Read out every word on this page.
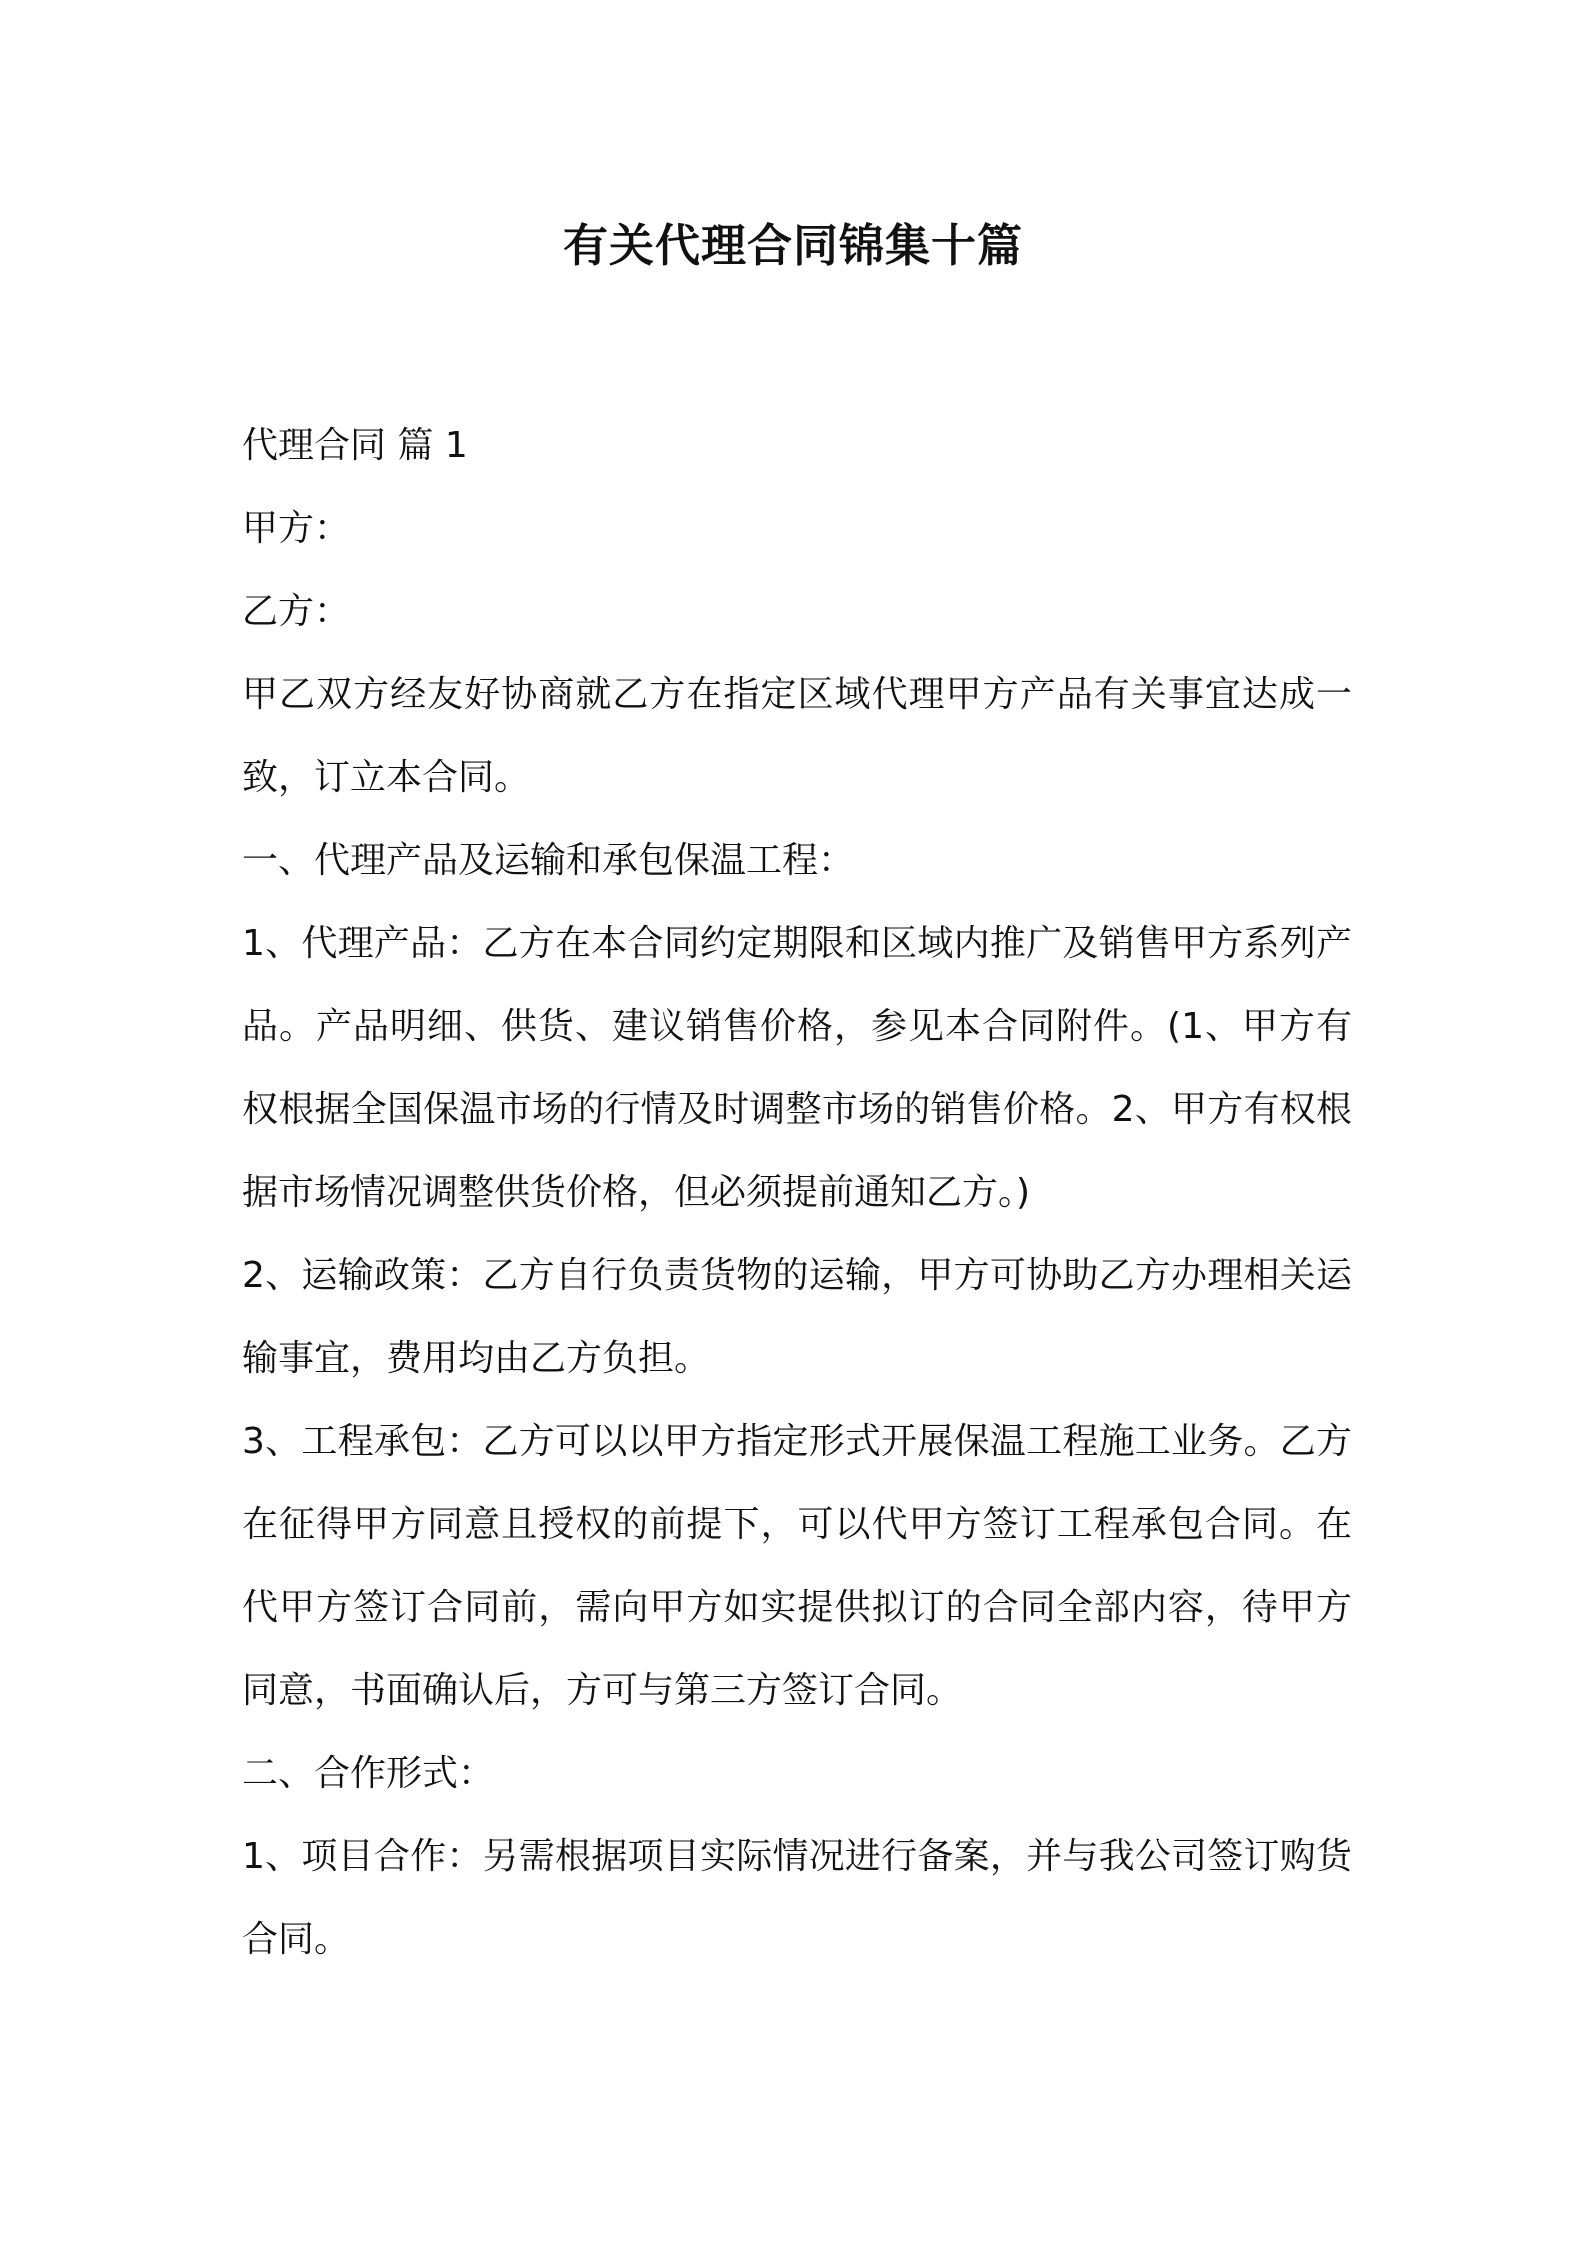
有关代理合同锦集十篇

代理合同 篇 1

甲方：

乙方：

甲乙双方经友好协商就乙方在指定区域代理甲方产品有关事宜达成一致，订立本合同。

一、代理产品及运输和承包保温工程：

1、代理产品：乙方在本合同约定期限和区域内推广及销售甲方系列产品。产品明细、供货、建议销售价格，参见本合同附件。(1、甲方有权根据全国保温市场的行情及时调整市场的销售价格。2、甲方有权根据市场情况调整供货价格，但必须提前通知乙方。)

2、运输政策：乙方自行负责货物的运输，甲方可协助乙方办理相关运输事宜，费用均由乙方负担。

3、工程承包：乙方可以以甲方指定形式开展保温工程施工业务。乙方在征得甲方同意且授权的前提下，可以代甲方签订工程承包合同。在代甲方签订合同前，需向甲方如实提供拟订的合同全部内容，待甲方同意，书面确认后，方可与第三方签订合同。

二、合作形式：

1、项目合作：另需根据项目实际情况进行备案，并与我公司签订购货合同。
